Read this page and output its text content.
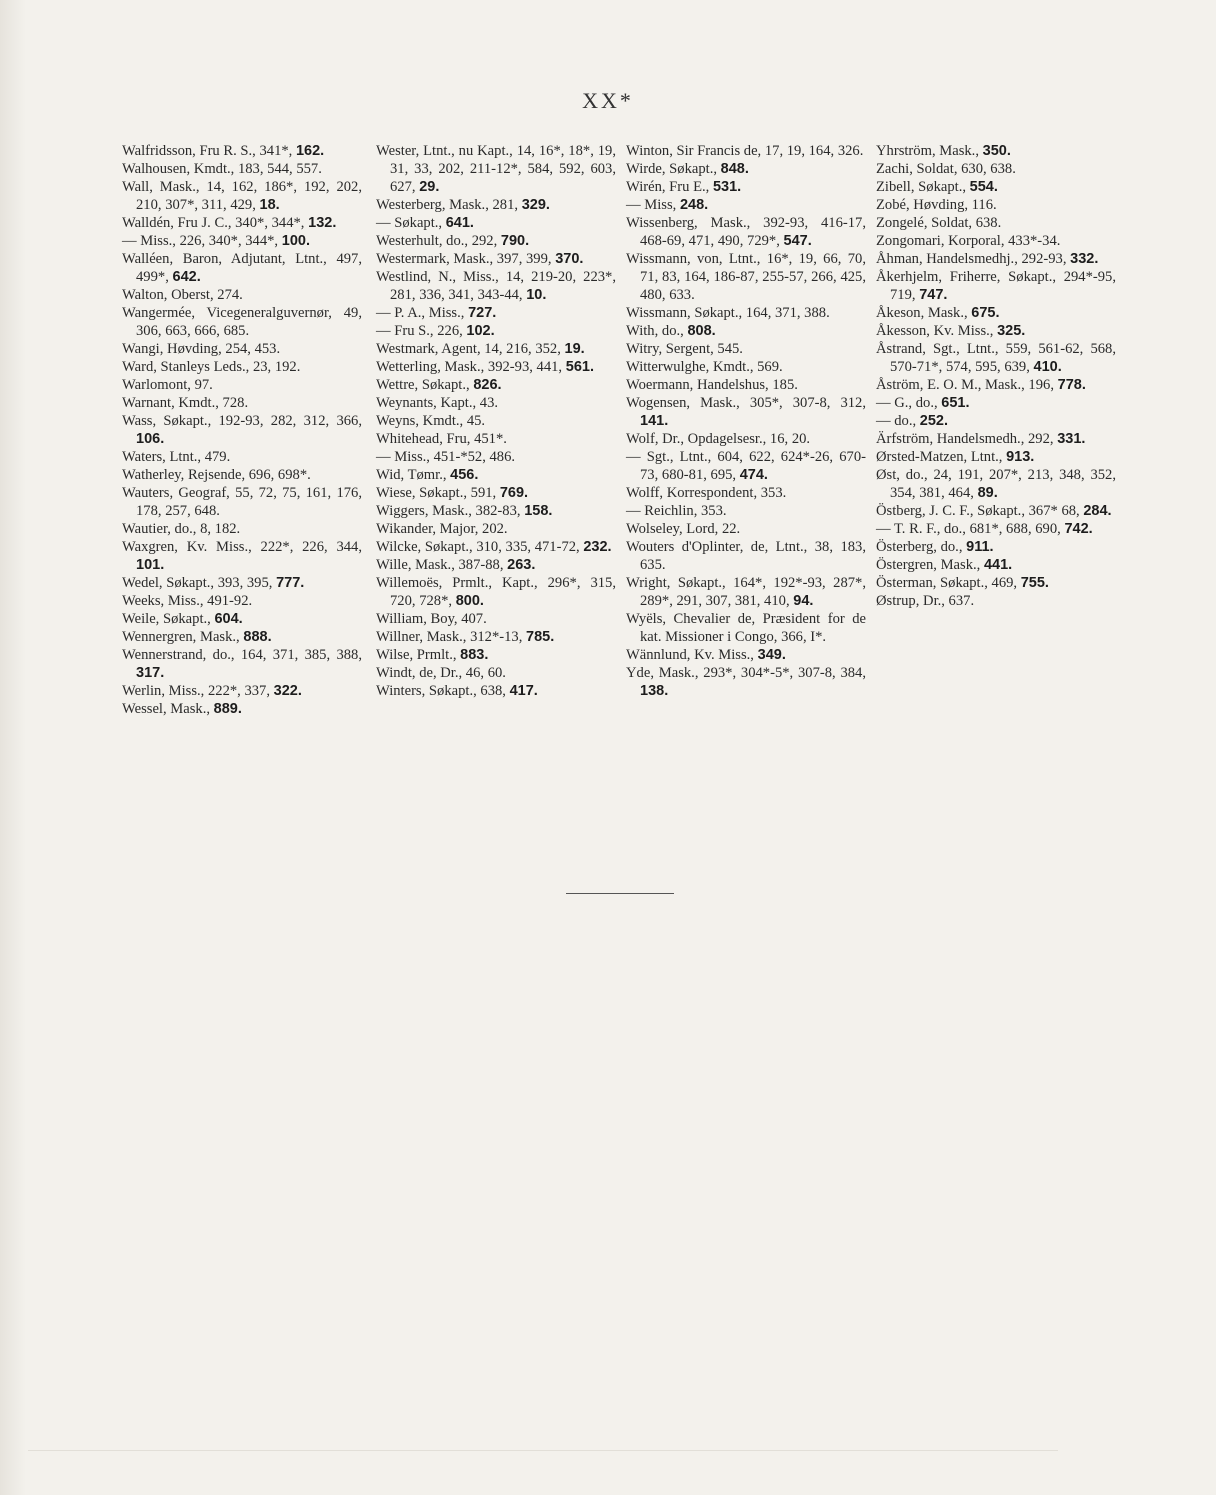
XX*
Walfridsson, Fru R. S., 341*, 162.
Walhousen, Kmdt., 183, 544, 557.
Wall, Mask., 14, 162, 186*, 192, 202, 210, 307*, 311, 429, 18.
Walldén, Fru J. C., 340*, 344*, 132.
— Miss., 226, 340*, 344*, 100.
Walléen, Baron, Adjutant, Ltnt., 497, 499*, 642.
Walton, Oberst, 274.
Wangermée, Vicegeneralguvernør, 49, 306, 663, 666, 685.
Wangi, Høvding, 254, 453.
Ward, Stanleys Leds., 23, 192.
Warlomont, 97.
Warnant, Kmdt., 728.
Wass, Søkapt., 192-93, 282, 312, 366, 106.
Waters, Ltnt., 479.
Watherley, Rejsende, 696, 698*.
Wauters, Geograf, 55, 72, 75, 161, 176, 178, 257, 648.
Wautier, do., 8, 182.
Waxgren, Kv. Miss., 222*, 226, 344, 101.
Wedel, Søkapt., 393, 395, 777.
Weeks, Miss., 491-92.
Weile, Søkapt., 604.
Wennergren, Mask., 888.
Wennerstrand, do., 164, 371, 385, 388, 317.
Werlin, Miss., 222*, 337, 322.
Wessel, Mask., 889.
Wester, Ltnt., nu Kapt., 14, 16*, 18*, 19, 31, 33, 202, 211-12*, 584, 592, 603, 627, 29.
Westerberg, Mask., 281, 329.
— Søkapt., 641.
Westerhult, do., 292, 790.
Westermark, Mask., 397, 399, 370.
Westlind, N., Miss., 14, 219-20, 223*, 281, 336, 341, 343-44, 10.
— P. A., Miss., 727.
— Fru S., 226, 102.
Westmark, Agent, 14, 216, 352, 19.
Wetterling, Mask., 392-93, 441, 561.
Wettre, Søkapt., 826.
Weynants, Kapt., 43.
Weyns, Kmdt., 45.
Whitehead, Fru, 451*.
— Miss., 451-*52, 486.
Wid, Tømr., 456.
Wiese, Søkapt., 591, 769.
Wiggers, Mask., 382-83, 158.
Wikander, Major, 202.
Wilcke, Søkapt., 310, 335, 471-72, 232.
Wille, Mask., 387-88, 263.
Willemoës, Prmlt., Kapt., 296*, 315, 720, 728*, 800.
William, Boy, 407.
Willner, Mask., 312*-13, 785.
Wilse, Prmlt., 883.
Windt, de, Dr., 46, 60.
Winters, Søkapt., 638, 417.
Winton, Sir Francis de, 17, 19, 164, 326.
Wirde, Søkapt., 848.
Wirén, Fru E., 531.
— Miss, 248.
Wissenberg, Mask., 392-93, 416-17, 468-69, 471, 490, 729*, 547.
Wissmann, von, Ltnt., 16*, 19, 66, 70, 71, 83, 164, 186-87, 255-57, 266, 425, 480, 633.
Wissmann, Søkapt., 164, 371, 388.
With, do., 808.
Witry, Sergent, 545.
Witterwulghe, Kmdt., 569.
Woermann, Handelshus, 185.
Wogensen, Mask., 305*, 307-8, 312, 141.
Wolf, Dr., Opdagelsesr., 16, 20.
— Sgt., Ltnt., 604, 622, 624*-26, 670-73, 680-81, 695, 474.
Wolff, Korrespondent, 353.
— Reichlin, 353.
Wolseley, Lord, 22.
Wouters d'Oplinter, de, Ltnt., 38, 183, 635.
Wright, Søkapt., 164*, 192*-93, 287*, 289*, 291, 307, 381, 410, 94.
Wyëls, Chevalier de, Præsident for de kat. Missioner i Congo, 366, I*.
Wännlund, Kv. Miss., 349.
Yde, Mask., 293*, 304*-5*, 307-8, 384, 138.
Yhrström, Mask., 350.
Zachi, Soldat, 630, 638.
Zibell, Søkapt., 554.
Zobé, Høvding, 116.
Zongelé, Soldat, 638.
Zongomari, Korporal, 433*-34.
Åhman, Handelsmedhj., 292-93, 332.
Åkerhjelm, Friherre, Søkapt., 294*-95, 719, 747.
Åkeson, Mask., 675.
Åkesson, Kv. Miss., 325.
Åstrand, Sgt., Ltnt., 559, 561-62, 568, 570-71*, 574, 595, 639, 410.
Åström, E. O. M., Mask., 196, 778.
— G., do., 651.
— do., 252.
Ärfström, Handelsmedh., 292, 331.
Ørsted-Matzen, Ltnt., 913.
Øst, do., 24, 191, 207*, 213, 348, 352, 354, 381, 464, 89.
Östberg, J. C. F., Søkapt., 367* 68, 284.
— T. R. F., do., 681*, 688, 690, 742.
Österberg, do., 911.
Östergren, Mask., 441.
Österman, Søkapt., 469, 755.
Østrup, Dr., 637.
